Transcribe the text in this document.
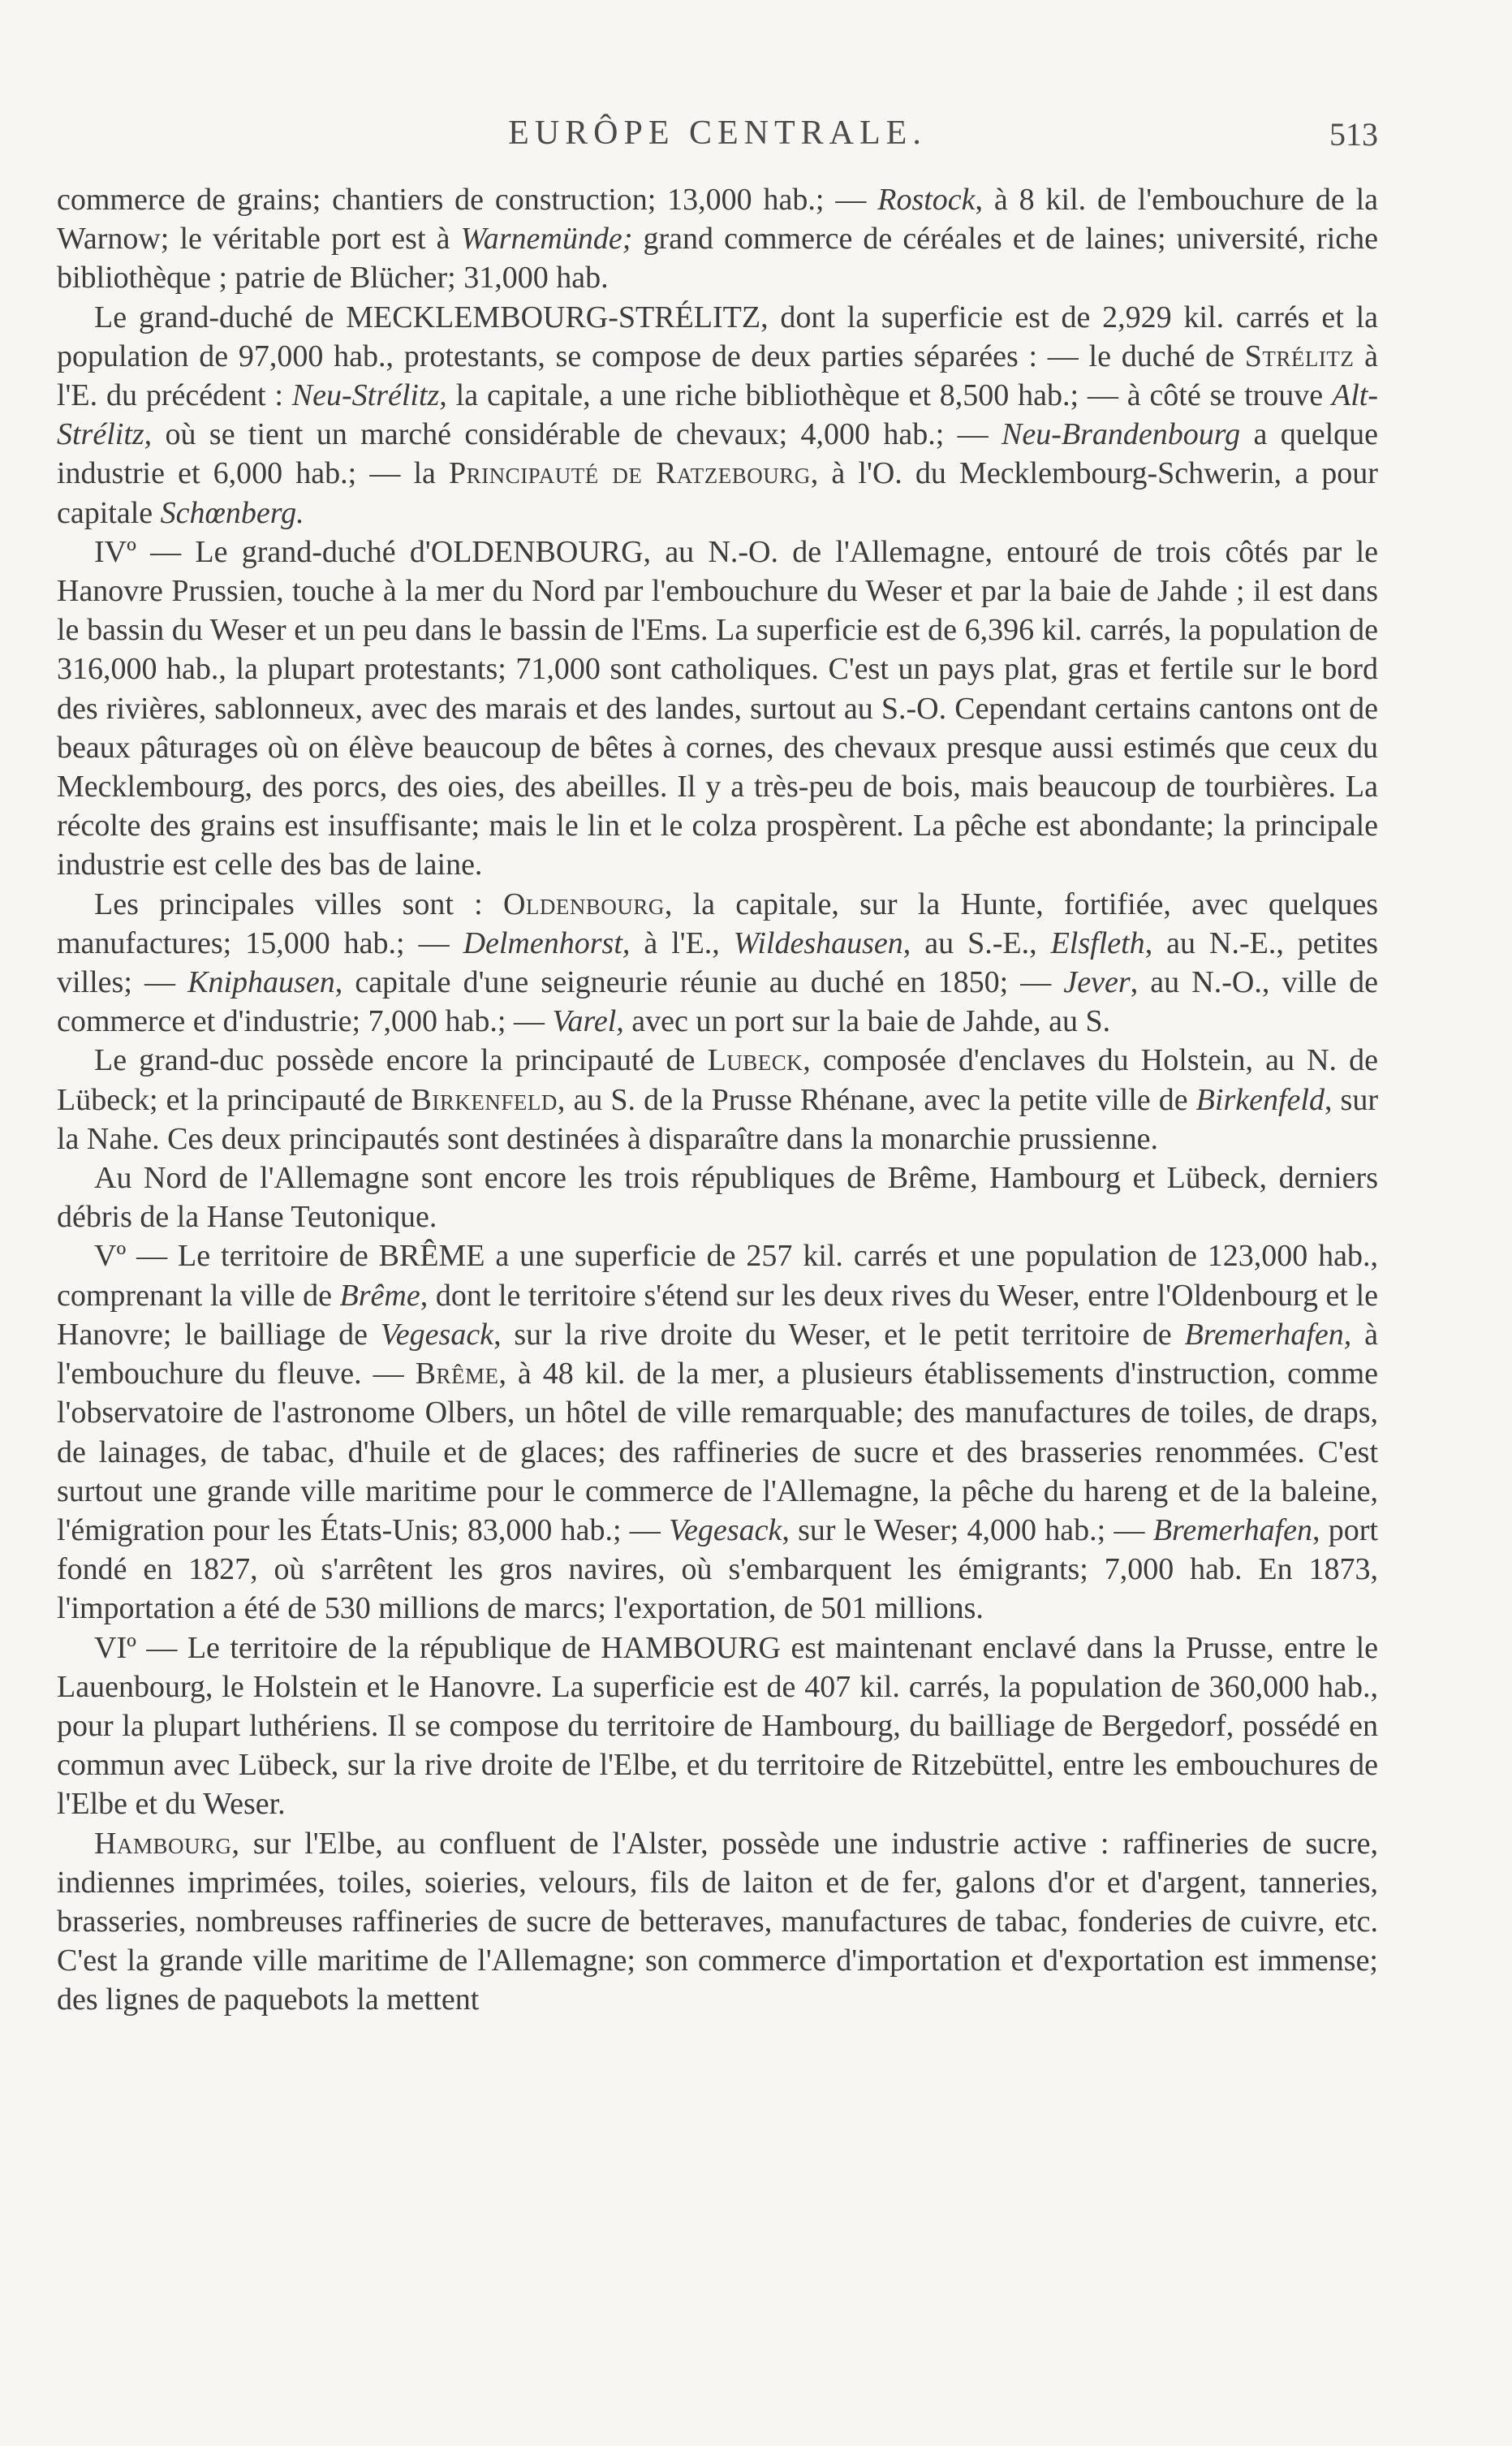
EURÔPE CENTRALE.	513

commerce de grains; chantiers de construction; 13,000 hab.; — Rostock, à 8 kil. de l'embouchure de la Warnow; le véritable port est à Warnemünde; grand commerce de céréales et de laines; université, riche bibliothèque ; patrie de Blücher; 31,000 hab.

Le grand-duché de MECKLEMBOURG-STRÉLITZ, dont la superficie est de 2,929 kil. carrés et la population de 97,000 hab., protestants, se compose de deux parties séparées : — le duché de Strélitz à l'E. du précédent : Neu-Strélitz, la capitale, a une riche bibliothèque et 8,500 hab.; — à côté se trouve Alt-Strélitz, où se tient un marché considérable de chevaux; 4,000 hab.; — Neu-Brandenbourg a quelque industrie et 6,000 hab.; — la Principauté de Ratzebourg, à l'O. du Mecklembourg-Schwerin, a pour capitale Schœnberg.

IVº — Le grand-duché d'OLDENBOURG, au N.-O. de l'Allemagne, entouré de trois côtés par le Hanovre Prussien, touche à la mer du Nord par l'embouchure du Weser et par la baie de Jahde ; il est dans le bassin du Weser et un peu dans le bassin de l'Ems. La superficie est de 6,396 kil. carrés, la population de 316,000 hab., la plupart protestants; 71,000 sont catholiques. C'est un pays plat, gras et fertile sur le bord des rivières, sablonneux, avec des marais et des landes, surtout au S.-O. Cependant certains cantons ont de beaux pâturages où on élève beaucoup de bêtes à cornes, des chevaux presque aussi estimés que ceux du Mecklembourg, des porcs, des oies, des abeilles. Il y a très-peu de bois, mais beaucoup de tourbières. La récolte des grains est insuffisante; mais le lin et le colza prospèrent. La pêche est abondante; la principale industrie est celle des bas de laine.

Les principales villes sont : Oldenbourg, la capitale, sur la Hunte, fortifiée, avec quelques manufactures; 15,000 hab.; — Delmenhorst, à l'E., Wildeshausen, au S.-E., Elsfleth, au N.-E., petites villes; — Kniphausen, capitale d'une seigneurie réunie au duché en 1850; — Jever, au N.-O., ville de commerce et d'industrie; 7,000 hab.; — Varel, avec un port sur la baie de Jahde, au S.

Le grand-duc possède encore la principauté de Lubeck, composée d'enclaves du Holstein, au N. de Lübeck; et la principauté de Birkenfeld, au S. de la Prusse Rhénane, avec la petite ville de Birkenfeld, sur la Nahe. Ces deux principautés sont destinées à disparaître dans la monarchie prussienne.

Au Nord de l'Allemagne sont encore les trois républiques de Brême, Hambourg et Lübeck, derniers débris de la Hanse Teutonique.

Vº — Le territoire de BRÊME a une superficie de 257 kil. carrés et une population de 123,000 hab., comprenant la ville de Brême, dont le territoire s'étend sur les deux rives du Weser, entre l'Oldenbourg et le Hanovre; le bailliage de Vegesack, sur la rive droite du Weser, et le petit territoire de Bremerhafen, à l'embouchure du fleuve. — Brême, à 48 kil. de la mer, a plusieurs établissements d'instruction, comme l'observatoire de l'astronome Olbers, un hôtel de ville remarquable; des manufactures de toiles, de draps, de lainages, de tabac, d'huile et de glaces; des raffineries de sucre et des brasseries renommées. C'est surtout une grande ville maritime pour le commerce de l'Allemagne, la pêche du hareng et de la baleine, l'émigration pour les États-Unis; 83,000 hab.; — Vegesack, sur le Weser; 4,000 hab.; — Bremerhafen, port fondé en 1827, où s'arrêtent les gros navires, où s'embarquent les émigrants; 7,000 hab. En 1873, l'importation a été de 530 millions de marcs; l'exportation, de 501 millions.

VIº — Le territoire de la république de HAMBOURG est maintenant enclavé dans la Prusse, entre le Lauenbourg, le Holstein et le Hanovre. La superficie est de 407 kil. carrés, la population de 360,000 hab., pour la plupart luthériens. Il se compose du territoire de Hambourg, du bailliage de Bergedorf, possédé en commun avec Lübeck, sur la rive droite de l'Elbe, et du territoire de Ritzebüttel, entre les embouchures de l'Elbe et du Weser.

Hambourg, sur l'Elbe, au confluent de l'Alster, possède une industrie active : raffineries de sucre, indiennes imprimées, toiles, soieries, velours, fils de laiton et de fer, galons d'or et d'argent, tanneries, brasseries, nombreuses raffineries de sucre de betteraves, manufactures de tabac, fonderies de cuivre, etc. C'est la grande ville maritime de l'Allemagne; son commerce d'importation et d'exportation est immense; des lignes de paquebots la mettent
